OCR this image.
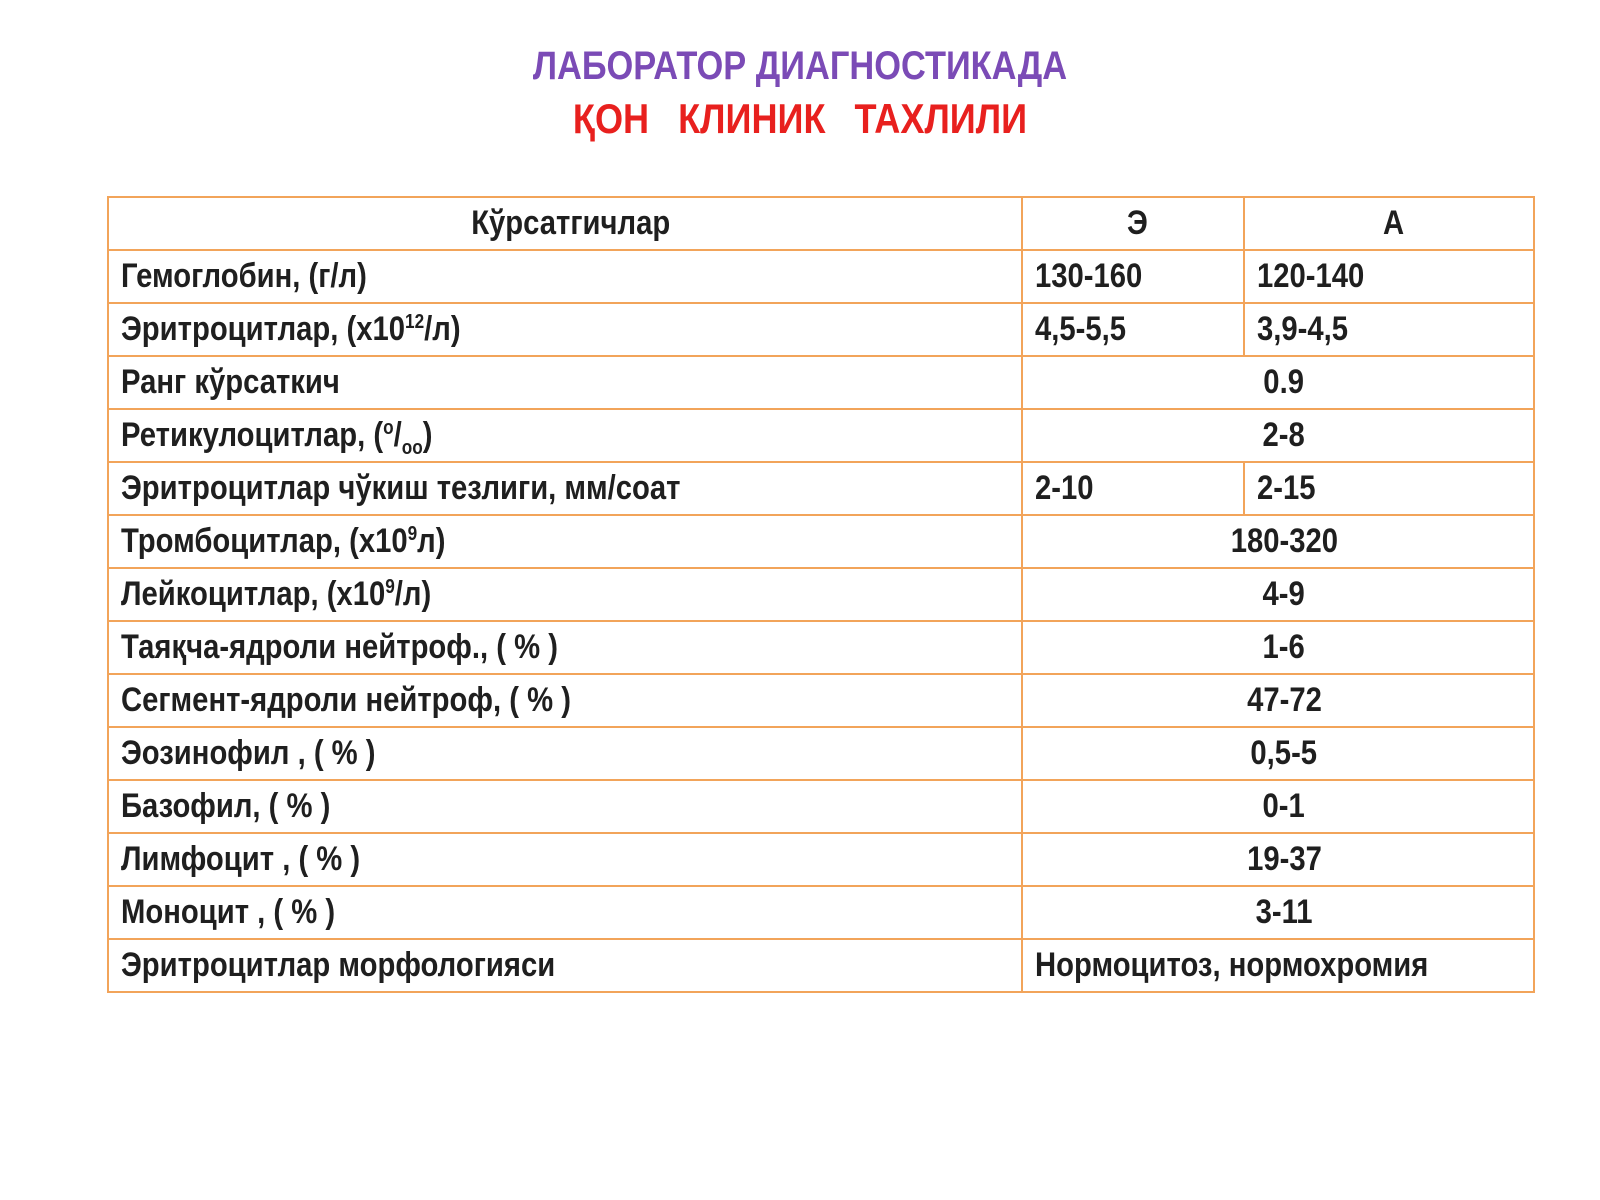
ЛАБОРАТОР ДИАГНОСТИКАДА
ҚОН КЛИНИК ТАХЛИЛИ
Кўрсатгичлар	Э	А
Гемоглобин, (г/л)	130-160	120-140
Эритроцитлар, $(х10^{12}/л)$	4,5-5,5	3,9-4,5
Ранг кўрсаткич	0.9	
Ретикулоцитлар, $(^о/_{оо})$	2-8	
Эритроцитлар чўкиш тезлиги, мм/соат	2-10	2-15
Тромбоцитлар, $(х10^9л)$	180-320	
Лейкоцитлар, $(х10^9/л)$	4-9	
Таяқча-ядроли нейтроф., ( % )	1-6	
Сегмент-ядроли нейтроф, ( % )	47-72	
Эозинофил , ( % )	0,5-5	
Базофил, ( % )	0-1	
Лимфоцит , ( % )	19-37	
Моноцит , ( % )	3-11	
Эритроцитлар морфологияси	Нормоцитоз, нормохромия	
